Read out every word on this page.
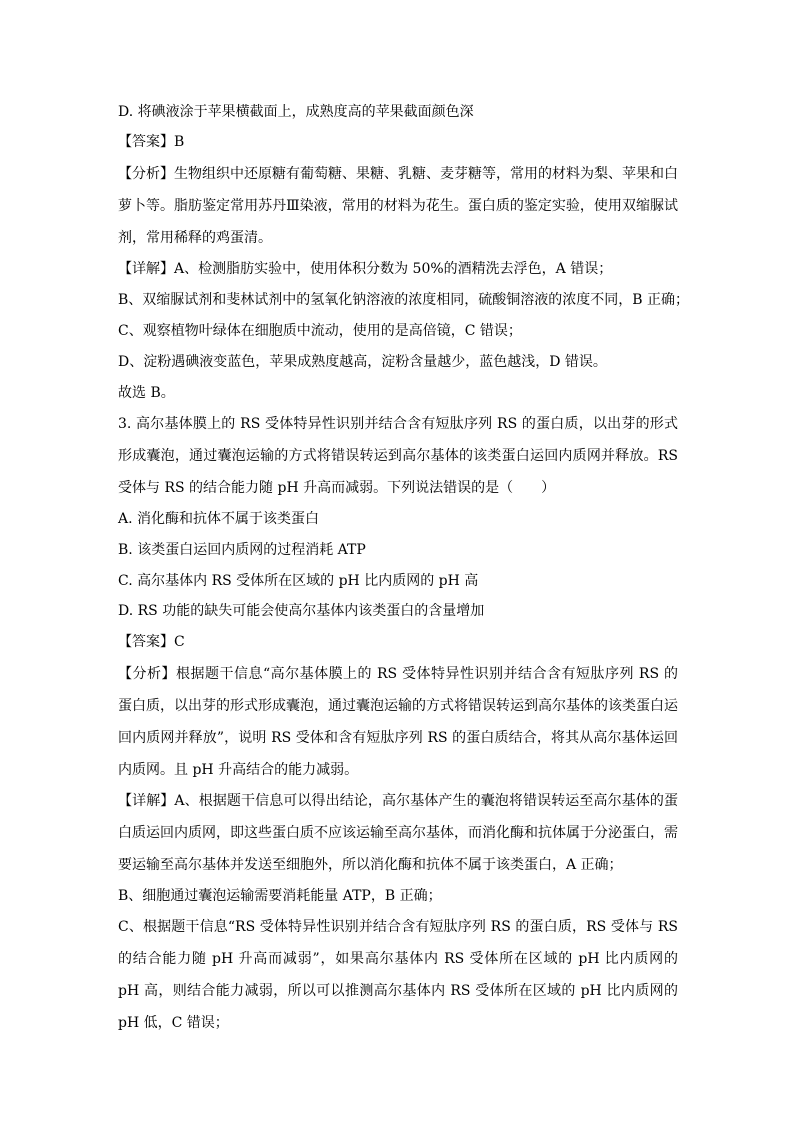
D. 将碘液涂于苹果横截面上，成熟度高的苹果截面颜色深
【答案】B
【分析】生物组织中还原糖有葡萄糖、果糖、乳糖、麦芽糖等，常用的材料为梨、苹果和白
萝卜等。脂肪鉴定常用苏丹Ⅲ染液，常用的材料为花生。蛋白质的鉴定实验，使用双缩脲试
剂，常用稀释的鸡蛋清。
【详解】A、检测脂肪实验中，使用体积分数为 50%的酒精洗去浮色，A 错误；
B、双缩脲试剂和斐林试剂中的氢氧化钠溶液的浓度相同，硫酸铜溶液的浓度不同，B 正确；
C、观察植物叶绿体在细胞质中流动，使用的是高倍镜，C 错误；
D、淀粉遇碘液变蓝色，苹果成熟度越高，淀粉含量越少，蓝色越浅，D 错误。
故选 B。
3. 高尔基体膜上的 RS 受体特异性识别并结合含有短肽序列 RS 的蛋白质，以出芽的形式
形成囊泡，通过囊泡运输的方式将错误转运到高尔基体的该类蛋白运回内质网并释放。RS
受体与 RS 的结合能力随 pH 升高而减弱。下列说法错误的是（　　）
A. 消化酶和抗体不属于该类蛋白
B. 该类蛋白运回内质网的过程消耗 ATP
C. 高尔基体内 RS 受体所在区域的 pH 比内质网的 pH 高
D. RS 功能的缺失可能会使高尔基体内该类蛋白的含量增加
【答案】C
【分析】根据题干信息“高尔基体膜上的 RS 受体特异性识别并结合含有短肽序列 RS 的
蛋白质，以出芽的形式形成囊泡，通过囊泡运输的方式将错误转运到高尔基体的该类蛋白运
回内质网并释放”，说明 RS 受体和含有短肽序列 RS 的蛋白质结合，将其从高尔基体运回
内质网。且 pH 升高结合的能力减弱。
【详解】A、根据题干信息可以得出结论，高尔基体产生的囊泡将错误转运至高尔基体的蛋
白质运回内质网，即这些蛋白质不应该运输至高尔基体，而消化酶和抗体属于分泌蛋白，需
要运输至高尔基体并发送至细胞外，所以消化酶和抗体不属于该类蛋白，A 正确；
B、细胞通过囊泡运输需要消耗能量 ATP，B 正确；
C、根据题干信息“RS 受体特异性识别并结合含有短肽序列 RS 的蛋白质，RS 受体与 RS
的结合能力随 pH 升高而减弱”，如果高尔基体内 RS 受体所在区域的 pH 比内质网的
pH 高，则结合能力减弱，所以可以推测高尔基体内 RS 受体所在区域的 pH 比内质网的
pH 低，C 错误；
